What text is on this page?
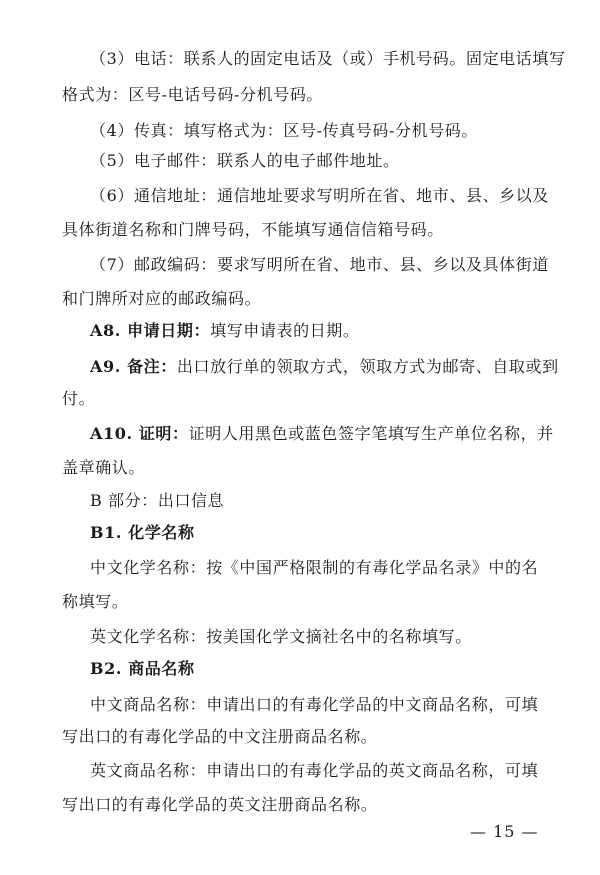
（3）电话：联系人的固定电话及（或）手机号码。固定电话填写
格式为：区号-电话号码-分机号码。
（4）传真：填写格式为：区号-传真号码-分机号码。
（5）电子邮件：联系人的电子邮件地址。
（6）通信地址：通信地址要求写明所在省、地市、县、乡以及
具体街道名称和门牌号码，不能填写通信信箱号码。
（7）邮政编码：要求写明所在省、地市、县、乡以及具体街道
和门牌所对应的邮政编码。
A8. 申请日期：填写申请表的日期。
A9. 备注：出口放行单的领取方式，领取方式为邮寄、自取或到
付。
A10. 证明：证明人用黑色或蓝色签字笔填写生产单位名称，并
盖章确认。
B 部分：出口信息
B1. 化学名称
中文化学名称：按《中国严格限制的有毒化学品名录》中的名
称填写。
英文化学名称：按美国化学文摘社名中的名称填写。
B2. 商品名称
中文商品名称：申请出口的有毒化学品的中文商品名称，可填
写出口的有毒化学品的中文注册商品名称。
英文商品名称：申请出口的有毒化学品的英文商品名称，可填
写出口的有毒化学品的英文注册商品名称。
— 15 —
